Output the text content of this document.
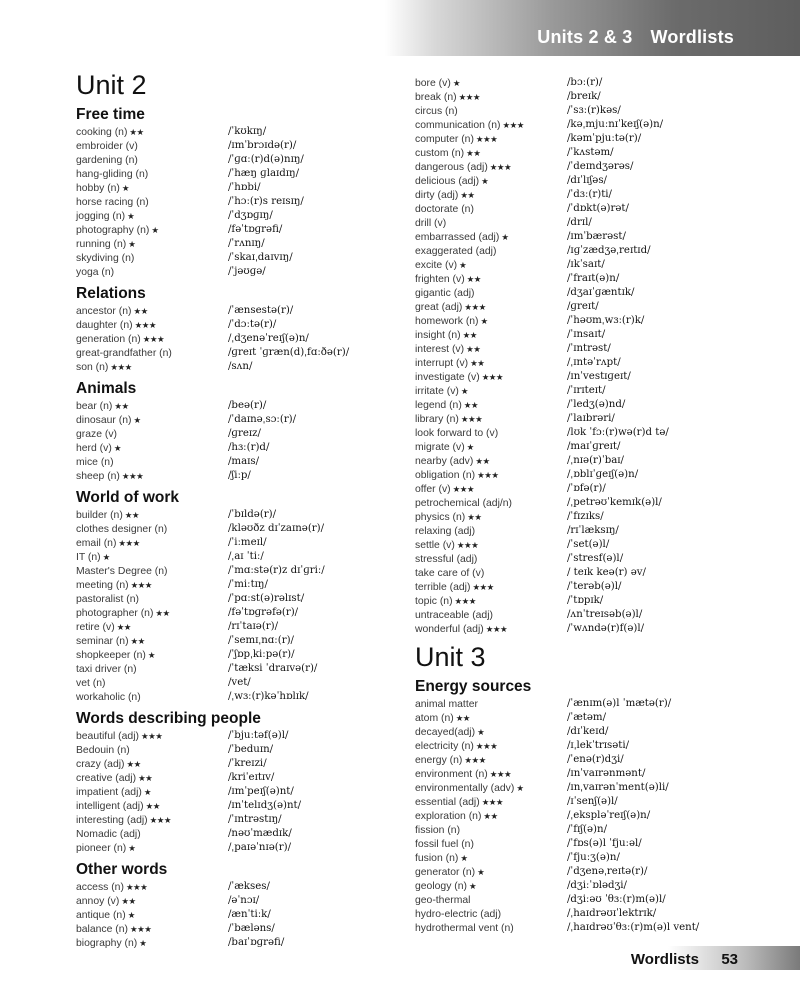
Units 2 & 3 Wordlists
Unit 2
Free time
cooking (n) ★★	/ˈkʊkɪŋ/
embroider (v)	/ɪmˈbrɔɪdə(r)/
gardening (n)	/ˈɡɑː(r)d(ə)nɪŋ/
hang-gliding (n)	/ˈhæŋ ɡlaɪdɪŋ/
hobby (n) ★	/ˈhɒbi/
horse racing (n)	/ˈhɔː(r)s reɪsɪŋ/
jogging (n) ★	/ˈdʒɒɡɪŋ/
photography (n) ★	/fəˈtɒɡrəfi/
running (n) ★	/ˈrʌnɪŋ/
skydiving (n)	/ˈskaɪˌdaɪvɪŋ/
yoga (n)	/ˈjəʊɡə/
Relations
ancestor (n) ★★	/ˈænsestə(r)/
daughter (n) ★★★	/ˈdɔːtə(r)/
generation (n) ★★★	/ˌdʒenəˈreɪʃ(ə)n/
great-grandfather (n)	/ɡreɪt ˈɡræn(d)ˌfɑːðə(r)/
son (n) ★★★	/sʌn/
Animals
bear (n) ★★	/beə(r)/
dinosaur (n) ★	/ˈdaɪnəˌsɔː(r)/
graze (v)	/ɡreɪz/
herd (v) ★	/hɜː(r)d/
mice (n)	/maɪs/
sheep (n) ★★★	/ʃiːp/
World of work
builder (n) ★★	/ˈbɪldə(r)/
clothes designer (n)	/kləʊðz dɪˈzaɪnə(r)/
email (n) ★★★	/ˈiːmeɪl/
IT (n) ★	/ˌaɪ ˈtiː/
Master's Degree (n)	/ˈmɑːstə(r)z dɪˈɡriː/
meeting (n) ★★★	/ˈmiːtɪŋ/
pastoralist (n)	/ˈpɑːst(ə)rəlɪst/
photographer (n) ★★	/fəˈtɒɡrəfə(r)/
retire (v) ★★	/rɪˈtaɪə(r)/
seminar (n) ★★	/ˈsemɪˌnɑː(r)/
shopkeeper (n) ★	/ˈʃɒpˌkiːpə(r)/
taxi driver (n)	/ˈtæksi ˈdraɪvə(r)/
vet (n)	/vet/
workaholic (n)	/ˌwɜː(r)kəˈhɒlɪk/
Words describing people
beautiful (adj) ★★★	/ˈbjuːtəf(ə)l/
Bedouin (n)	/ˈbeduɪn/
crazy (adj) ★★	/ˈkreɪzi/
creative (adj) ★★	/kriˈeɪtɪv/
impatient (adj) ★	/ɪmˈpeɪʃ(ə)nt/
intelligent (adj) ★★	/ɪnˈtelɪdʒ(ə)nt/
interesting (adj) ★★★	/ˈɪntrəstɪŋ/
Nomadic (adj)	/nəʊˈmædɪk/
pioneer (n) ★	/ˌpaɪəˈnɪə(r)/
Other words
access (n) ★★★	/ˈækses/
annoy (v) ★★	/əˈnɔɪ/
antique (n) ★	/ænˈtiːk/
balance (n) ★★★	/ˈbæləns/
biography (n) ★	/baɪˈɒɡrəfi/
bore (v) ★	/bɔː(r)/
break (n) ★★★	/breɪk/
circus (n)	/ˈsɜː(r)kəs/
communication (n) ★★★	/kəˌmjuːnɪˈkeɪʃ(ə)n/
computer (n) ★★★	/kəmˈpjuːtə(r)/
custom (n) ★★	/ˈkʌstəm/
dangerous (adj) ★★★	/ˈdeɪndʒərəs/
delicious (adj) ★	/dɪˈlɪʃəs/
dirty (adj) ★★	/ˈdɜː(r)ti/
doctorate (n)	/ˈdɒkt(ə)rət/
drill (v)	/drɪl/
embarrassed (adj) ★	/ɪmˈbærəst/
exaggerated (adj)	/ɪɡˈzædʒəˌreɪtɪd/
excite (v) ★	/ɪkˈsaɪt/
frighten (v) ★★	/ˈfraɪt(ə)n/
gigantic (adj)	/dʒaɪˈɡæntɪk/
great (adj) ★★★	/ɡreɪt/
homework (n) ★	/ˈhəʊmˌwɜː(r)k/
insight (n) ★★	/ˈɪnsaɪt/
interest (v) ★★	/ˈɪntrəst/
interrupt (v) ★★	/ˌɪntəˈrʌpt/
investigate (v) ★★★	/ɪnˈvestɪɡeɪt/
irritate (v) ★	/ˈɪrɪteɪt/
legend (n) ★★	/ˈledʒ(ə)nd/
library (n) ★★★	/ˈlaɪbrəri/
look forward to (v)	/lʊk ˈfɔː(r)wə(r)d tə/
migrate (v) ★	/maɪˈɡreɪt/
nearby (adv) ★★	/ˌnɪə(r)ˈbaɪ/
obligation (n) ★★★	/ˌɒblɪˈɡeɪʃ(ə)n/
offer (v) ★★★	/ˈɒfə(r)/
petrochemical (adj/n)	/ˌpetrəʊˈkemɪk(ə)l/
physics (n) ★★	/ˈfɪzɪks/
relaxing (adj)	/rɪˈlæksɪŋ/
settle (v) ★★★	/ˈset(ə)l/
stressful (adj)	/ˈstresf(ə)l/
take care of (v)	/ teɪk keə(r) əv/
terrible (adj) ★★★	/ˈterəb(ə)l/
topic (n) ★★★	/ˈtɒpɪk/
untraceable (adj)	/ʌnˈtreɪsəb(ə)l/
wonderful (adj) ★★★	/ˈwʌndə(r)f(ə)l/
Unit 3
Energy sources
animal matter	/ˈænɪm(ə)l ˈmætə(r)/
atom (n) ★★	/ˈætəm/
decayed(adj) ★	/dɪˈkeɪd/
electricity (n) ★★★	/ɪˌlekˈtrɪsəti/
energy (n) ★★★	/ˈenə(r)dʒi/
environment (n) ★★★	/ɪnˈvaɪrənmənt/
environmentally (adv) ★	/ɪnˌvaɪrənˈment(ə)li/
essential (adj) ★★★	/ɪˈsenʃ(ə)l/
exploration (n) ★★	/ˌekspləˈreɪʃ(ə)n/
fission (n)	/ˈfɪʃ(ə)n/
fossil fuel (n)	/ˈfɒs(ə)l ˈfjuːəl/
fusion (n) ★	/ˈfjuːʒ(ə)n/
generator (n) ★	/ˈdʒenəˌreɪtə(r)/
geology (n) ★	/dʒiːˈɒlədʒi/
geo-thermal	/dʒiːəʊ ˈθɜː(r)m(ə)l/
hydro-electric (adj)	/ˌhaɪdrəʊɪˈlektrɪk/
hydrothermal vent (n)	/ˌhaɪdrəʊˈθɜː(r)m(ə)l vent/
Wordlists 53
